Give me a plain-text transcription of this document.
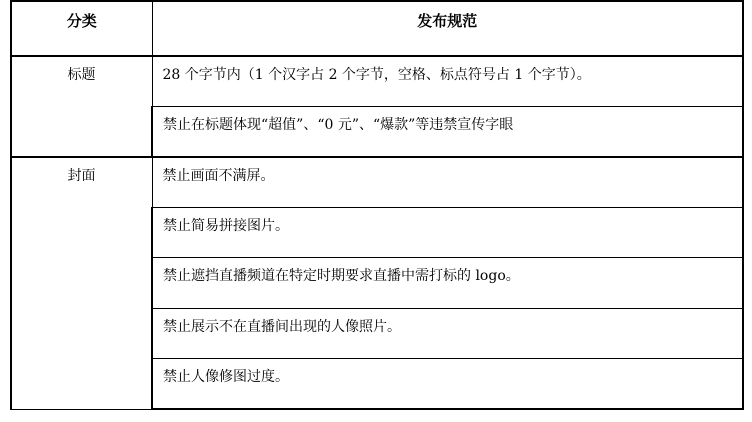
分类	发布规范
标题	28 个字节内（1 个汉字占 2 个字节，空格、标点符号占 1 个字节）。
	禁止在标题体现“超值”、“0 元”、“爆款”等违禁宣传字眼
封面	禁止画面不满屏。
	禁止简易拼接图片。
	禁止遮挡直播频道在特定时期要求直播中需打标的 logo。
	禁止展示不在直播间出现的人像照片。
	禁止人像修图过度。
